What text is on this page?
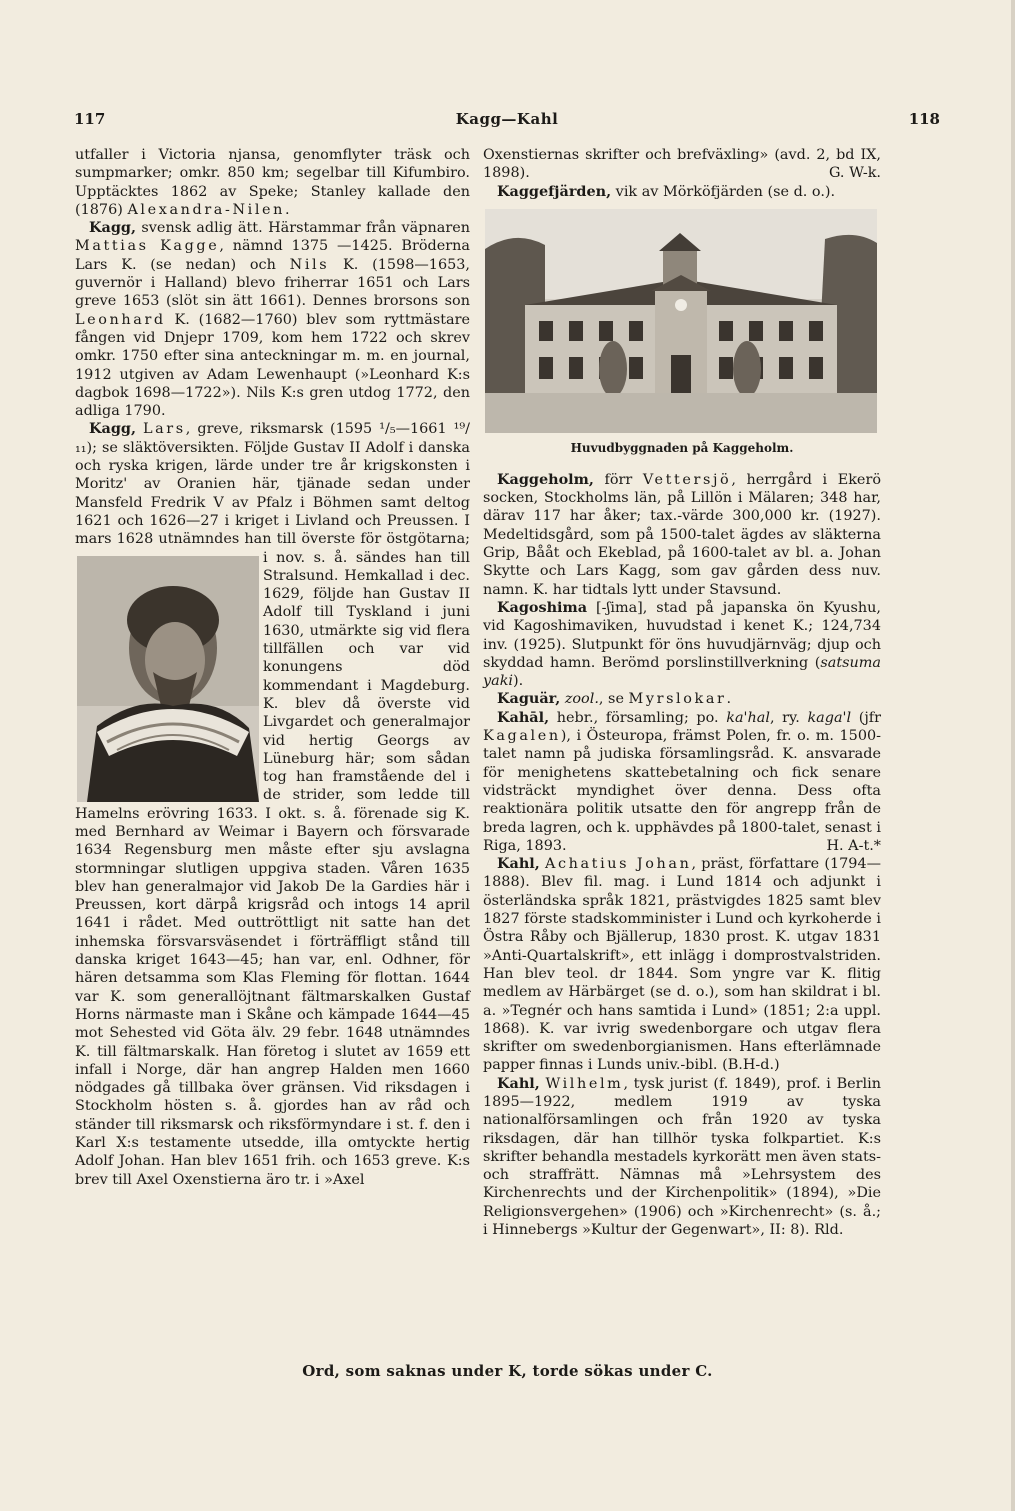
117	Kagg—Kahl	118

utfaller i Victoria njansa, genomflyter träsk och sumpmarker; omkr. 850 km; segelbar till Kifumbiro. Upptäcktes 1862 av Speke; Stanley kallade den (1876) Alexandra-Nilen.

Kagg, svensk adlig ätt. Härstammar från väpnaren Mattias Kagge, nämnd 1375 —1425. Bröderna Lars K. (se nedan) och Nils K. (1598—1653, guvernör i Halland) blevo friherrar 1651 och Lars greve 1653 (slöt sin ätt 1661). Dennes brorsons son Leonhard K. (1682—1760) blev som ryttmästare fången vid Dnjepr 1709, kom hem 1722 och skrev omkr. 1750 efter sina anteckningar m. m. en journal, 1912 utgiven av Adam Lewenhaupt (»Leonhard K:s dagbok 1698—1722»). Nils K:s gren utdog 1772, den adliga 1790.

Kagg, Lars, greve, riksmarsk (1595 ¹/₅—1661 ¹⁹/₁₁); se släktöversikten. Följde Gustav II Adolf i danska och ryska krigen, lärde under tre år krigskonsten i Moritz' av Oranien här, tjänade sedan under Mansfeld Fredrik V av Pfalz i Böhmen samt deltog 1621 och 1626—27 i kriget i Livland och Preussen. I mars 1628 utnämndes han till överste för östgötarna; i nov. s. å. sändes han till Stralsund. Hemkallad i dec. 1629, följde han Gustav II Adolf till Tyskland i juni 1630, utmärkte sig vid flera tillfällen och var vid konungens död kommendant i Magdeburg. K. blev då överste vid Livgardet och generalmajor vid hertig Georgs av Lüneburg här; som sådan tog han framstående del i de strider, som ledde till Hamelns erövring 1633. I okt. s. å. förenade sig K. med Bernhard av Weimar i Bayern och försvarade 1634 Regensburg men måste efter sju avslagna stormningar slutligen uppgiva staden. Våren 1635 blev han generalmajor vid Jakob De la Gardies här i Preussen, kort därpå krigsråd och intogs 14 april 1641 i rådet. Med outtröttligt nit satte han det inhemska försvarsväsendet i förträffligt stånd till danska kriget 1643—45; han var, enl. Odhner, för hären detsamma som Klas Fleming för flottan. 1644 var K. som generallöjtnant fältmarskalken Gustaf Horns närmaste man i Skåne och kämpade 1644—45 mot Sehested vid Göta älv. 29 febr. 1648 utnämndes K. till fältmarskalk. Han företog i slutet av 1659 ett infall i Norge, där han angrep Halden men 1660 nödgades gå tillbaka över gränsen. Vid riksdagen i Stockholm hösten s. å. gjordes han av råd och ständer till riksmarsk och riksförmyndare i st. f. den i Karl X:s testamente utsedde, illa omtyckte hertig Adolf Johan. Han blev 1651 frih. och 1653 greve. K:s brev till Axel Oxenstierna äro tr. i »Axel

Oxenstiernas skrifter och brefväxling» (avd. 2, bd IX, 1898).	G. W-k.

Kaggefjärden, vik av Mörköfjärden (se d. o.).

Huvudbyggnaden på Kaggeholm.

Kaggeholm, förr Vettersjö, herrgård i Ekerö socken, Stockholms län, på Lillön i Mälaren; 348 har, därav 117 har åker; tax.-värde 300,000 kr. (1927). Medeltidsgård, som på 1500-talet ägdes av släkterna Grip, Bååt och Ekeblad, på 1600-talet av bl. a. Johan Skytte och Lars Kagg, som gav gården dess nuv. namn. K. har tidtals lytt under Stavsund.

Kagoshima [-ʃima], stad på japanska ön Kyushu, vid Kagoshimaviken, huvudstad i kenet K.; 124,734 inv. (1925). Slutpunkt för öns huvudjärnväg; djup och skyddad hamn. Berömd porslinstillverkning (satsuma yaki).

Kaguär, zool., se Myrslokar.

Kahāl, hebr., församling; po. ka'hal, ry. kaga'l (jfr Kagalen), i Östeuropa, främst Polen, fr. o. m. 1500-talet namn på judiska församlingsråd. K. ansvarade för menighetens skattebetalning och fick senare vidsträckt myndighet över denna. Dess ofta reaktionära politik utsatte den för angrepp från de breda lagren, och k. upphävdes på 1800-talet, senast i Riga, 1893.	H. A-t.*

Kahl, Achatius Johan, präst, författare (1794—1888). Blev fil. mag. i Lund 1814 och adjunkt i österländska språk 1821, prästvigdes 1825 samt blev 1827 förste stadskomminister i Lund och kyrkoherde i Östra Råby och Bjällerup, 1830 prost. K. utgav 1831 »Anti-Quartalskrift», ett inlägg i domprostvalstriden. Han blev teol. dr 1844. Som yngre var K. flitig medlem av Härbärget (se d. o.), som han skildrat i bl. a. »Tegnér och hans samtida i Lund» (1851; 2:a uppl. 1868). K. var ivrig swedenborgare och utgav flera skrifter om swedenborgianismen. Hans efterlämnade papper finnas i Lunds univ.-bibl. (B.H-d.)

Kahl, Wilhelm, tysk jurist (f. 1849), prof. i Berlin 1895—1922, medlem 1919 av tyska nationalförsamlingen och från 1920 av tyska riksdagen, där han tillhör tyska folkpartiet. K:s skrifter behandla mestadels kyrkorätt men även stats- och straffrätt. Nämnas må »Lehrsystem des Kirchenrechts und der Kirchenpolitik» (1894), »Die Religionsvergehen» (1906) och »Kirchenrecht» (s. å.; i Hinnebergs »Kultur der Gegenwart», II: 8). Rld.

Ord, som saknas under K, torde sökas under C.
